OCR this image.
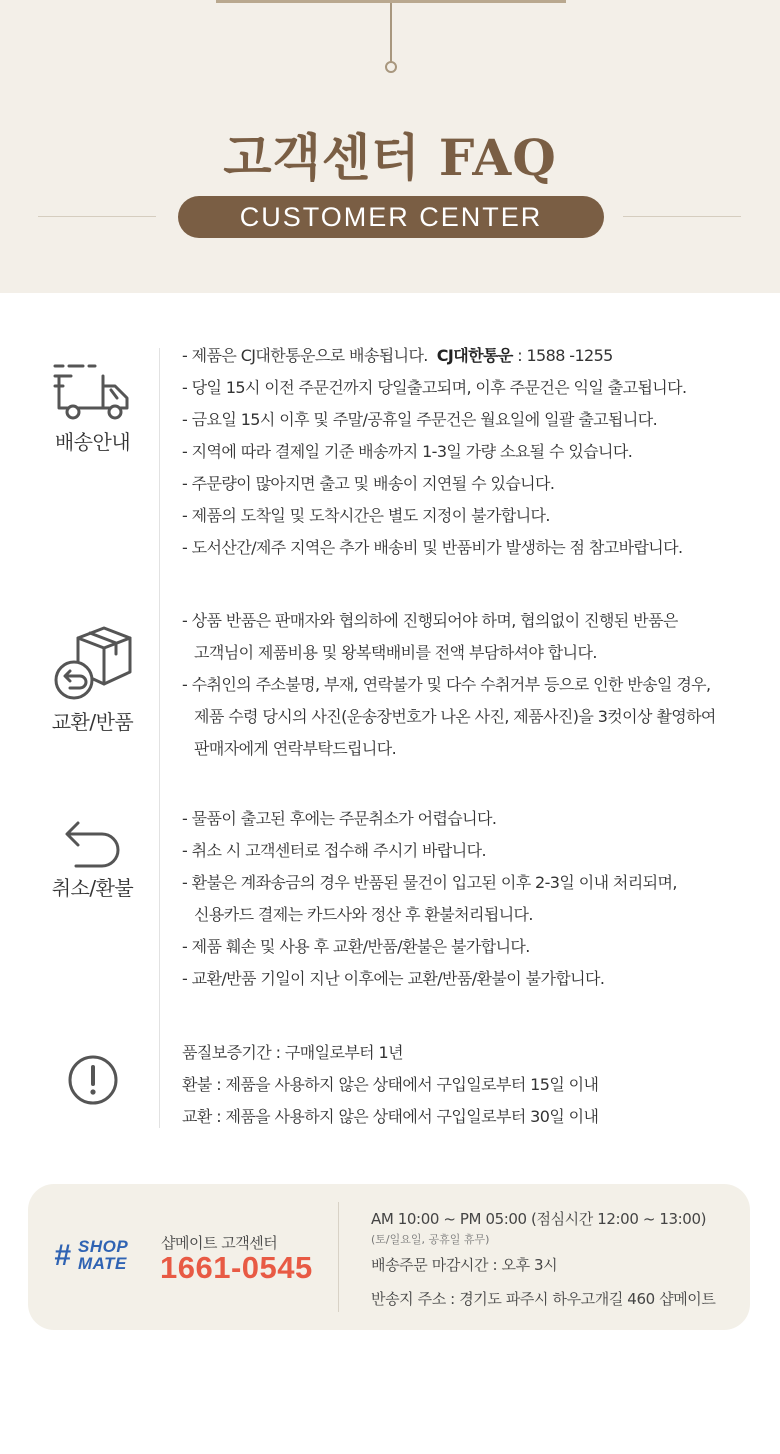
고객센터 FAQ
CUSTOMER CENTER
배송안내
- 제품은 CJ대한통운으로 배송됩니다. CJ대한통운 : 1588 -1255
- 당일 15시 이전 주문건까지 당일출고되며, 이후 주문건은 익일 출고됩니다.
- 금요일 15시 이후 및 주말/공휴일 주문건은 월요일에 일괄 출고됩니다.
- 지역에 따라 결제일 기준 배송까지 1-3일 가량 소요될 수 있습니다.
- 주문량이 많아지면 출고 및 배송이 지연될 수 있습니다.
- 제품의 도착일 및 도착시간은 별도 지정이 불가합니다.
- 도서산간/제주 지역은 추가 배송비 및 반품비가 발생하는 점 참고바랍니다.
교환/반품
- 상품 반품은 판매자와 협의하에 진행되어야 하며, 협의없이 진행된 반품은
고객님이 제품비용 및 왕복택배비를 전액 부담하셔야 합니다.
- 수취인의 주소불명, 부재, 연락불가 및 다수 수취거부 등으로 인한 반송일 경우,
제품 수령 당시의 사진(운송장번호가 나온 사진, 제품사진)을 3컷이상 촬영하여
판매자에게 연락부탁드립니다.
취소/환불
- 물품이 출고된 후에는 주문취소가 어렵습니다.
- 취소 시 고객센터로 접수해 주시기 바랍니다.
- 환불은 계좌송금의 경우 반품된 물건이 입고된 이후 2-3일 이내 처리되며,
신용카드 결제는 카드사와 정산 후 환불처리됩니다.
- 제품 훼손 및 사용 후 교환/반품/환불은 불가합니다.
- 교환/반품 기일이 지난 이후에는 교환/반품/환불이 불가합니다.
품질보증기간 : 구매일로부터 1년
환불 : 제품을 사용하지 않은 상태에서 구입일로부터 15일 이내
교환 : 제품을 사용하지 않은 상태에서 구입일로부터 30일 이내
# SHOP
MATE
샵메이트 고객센터
1661-0545
AM 10:00 ~ PM 05:00 (점심시간 12:00 ~ 13:00)
(토/일요일, 공휴일 휴무)
배송주문 마감시간 : 오후 3시
반송지 주소 : 경기도 파주시 하우고개길 460 샵메이트
